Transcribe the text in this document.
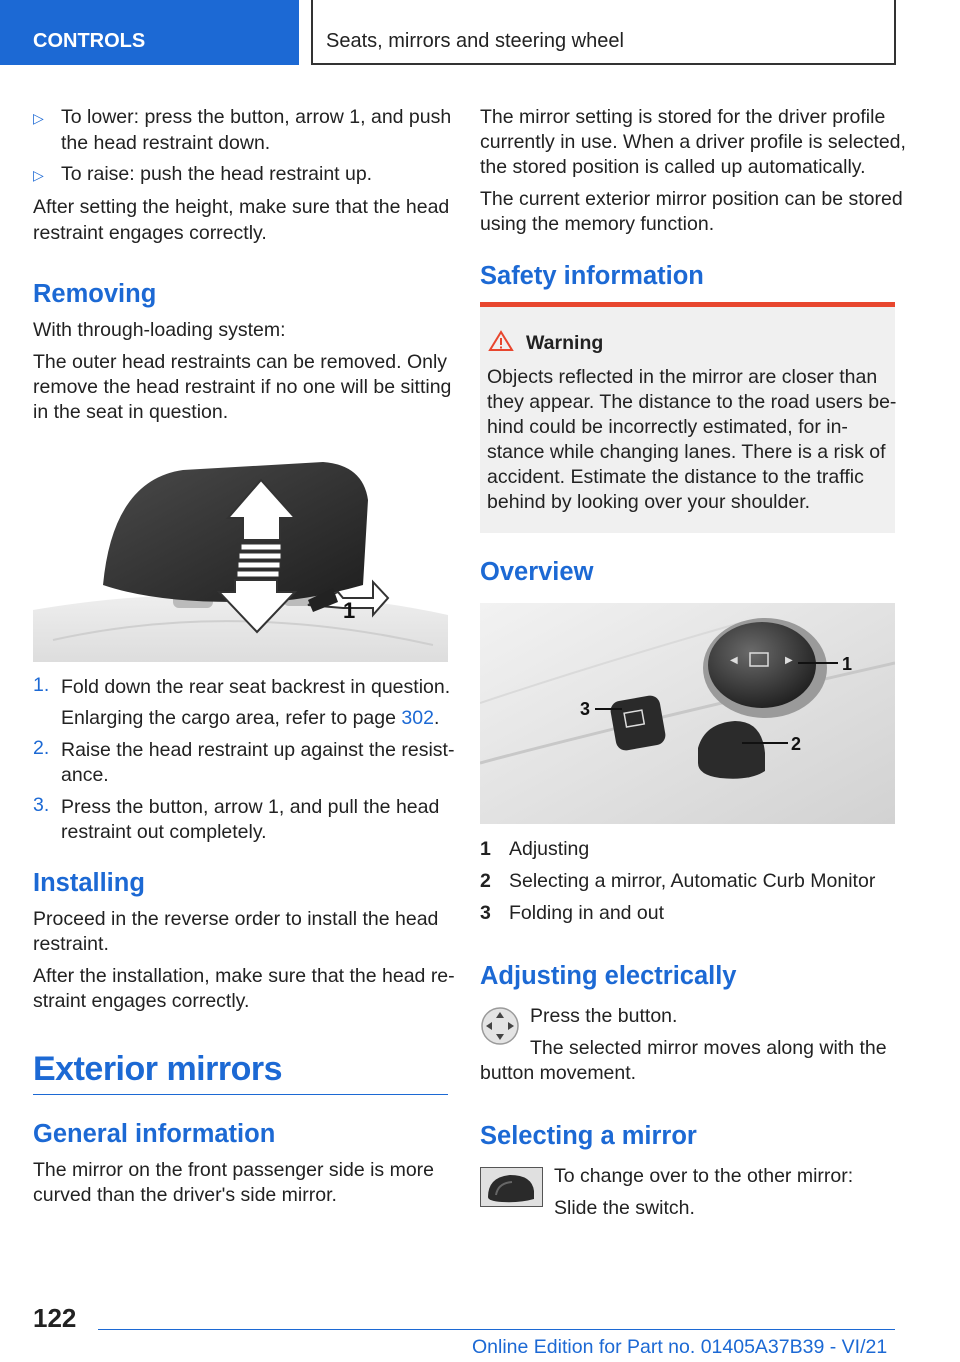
CONTROLS	Seats, mirrors and steering wheel
▷ To lower: press the button, arrow 1, and push
the head restraint down.
▷ To raise: push the head restraint up.
After setting the height, make sure that the head
restraint engages correctly.
Removing
With through-loading system:
The outer head restraints can be removed. Only
remove the head restraint if no one will be sitting
in the seat in question.
1
1. Fold down the rear seat backrest in question.
Enlarging the cargo area, refer to page 302.
2. Raise the head restraint up against the resist-
ance.
3. Press the button, arrow 1, and pull the head
restraint out completely.
Installing
Proceed in the reverse order to install the head
restraint.
After the installation, make sure that the head re-
straint engages correctly.
Exterior mirrors
General information
The mirror on the front passenger side is more
curved than the driver's side mirror.
The mirror setting is stored for the driver profile
currently in use. When a driver profile is selected,
the stored position is called up automatically.
The current exterior mirror position can be stored
using the memory function.
Safety information
Warning
Objects reflected in the mirror are closer than
they appear. The distance to the road users be-
hind could be incorrectly estimated, for in-
stance while changing lanes. There is a risk of
accident. Estimate the distance to the traffic
behind by looking over your shoulder.
Overview
◀	▶	1
2
3
1 Adjusting
2 Selecting a mirror, Automatic Curb Monitor
3 Folding in and out
Adjusting electrically
Press the button.
The selected mirror moves along with the
button movement.
Selecting a mirror
To change over to the other mirror:
Slide the switch.
122
Online Edition for Part no. 01405A37B39 - VI/21
